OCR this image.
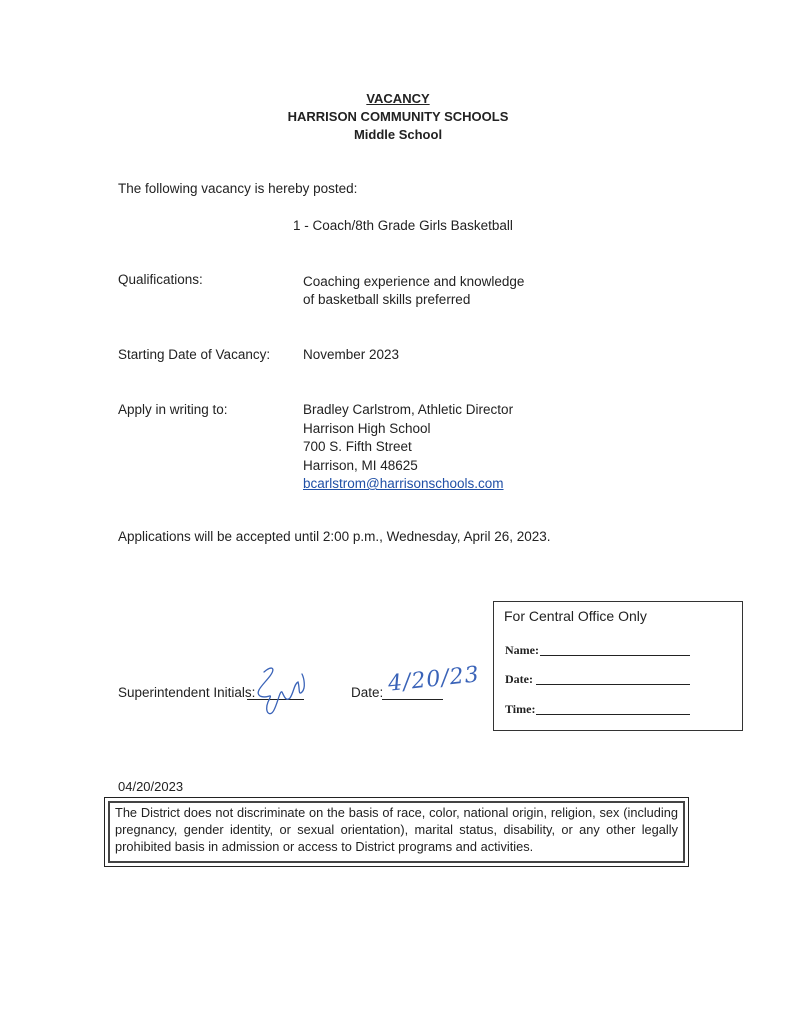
VACANCY
HARRISON COMMUNITY SCHOOLS
Middle School
The following vacancy is hereby posted:
1 - Coach/8th Grade Girls Basketball
Qualifications:	Coaching experience and knowledge
of basketball skills preferred
Starting Date of Vacancy: November 2023
Apply in writing to:	Bradley Carlstrom, Athletic Director
Harrison High School
700 S. Fifth Street
Harrison, MI 48625
bcarlstrom@harrisonschools.com
Applications will be accepted until 2:00 p.m., Wednesday, April 26, 2023.
For Central Office Only
Name:
Date:
Time:
Superintendent Initials:	Date: 4/20/23
04/20/2023
The District does not discriminate on the basis of race, color, national origin, religion, sex (including pregnancy, gender identity, or sexual orientation), marital status, disability, or any other legally prohibited basis in admission or access to District programs and activities.
